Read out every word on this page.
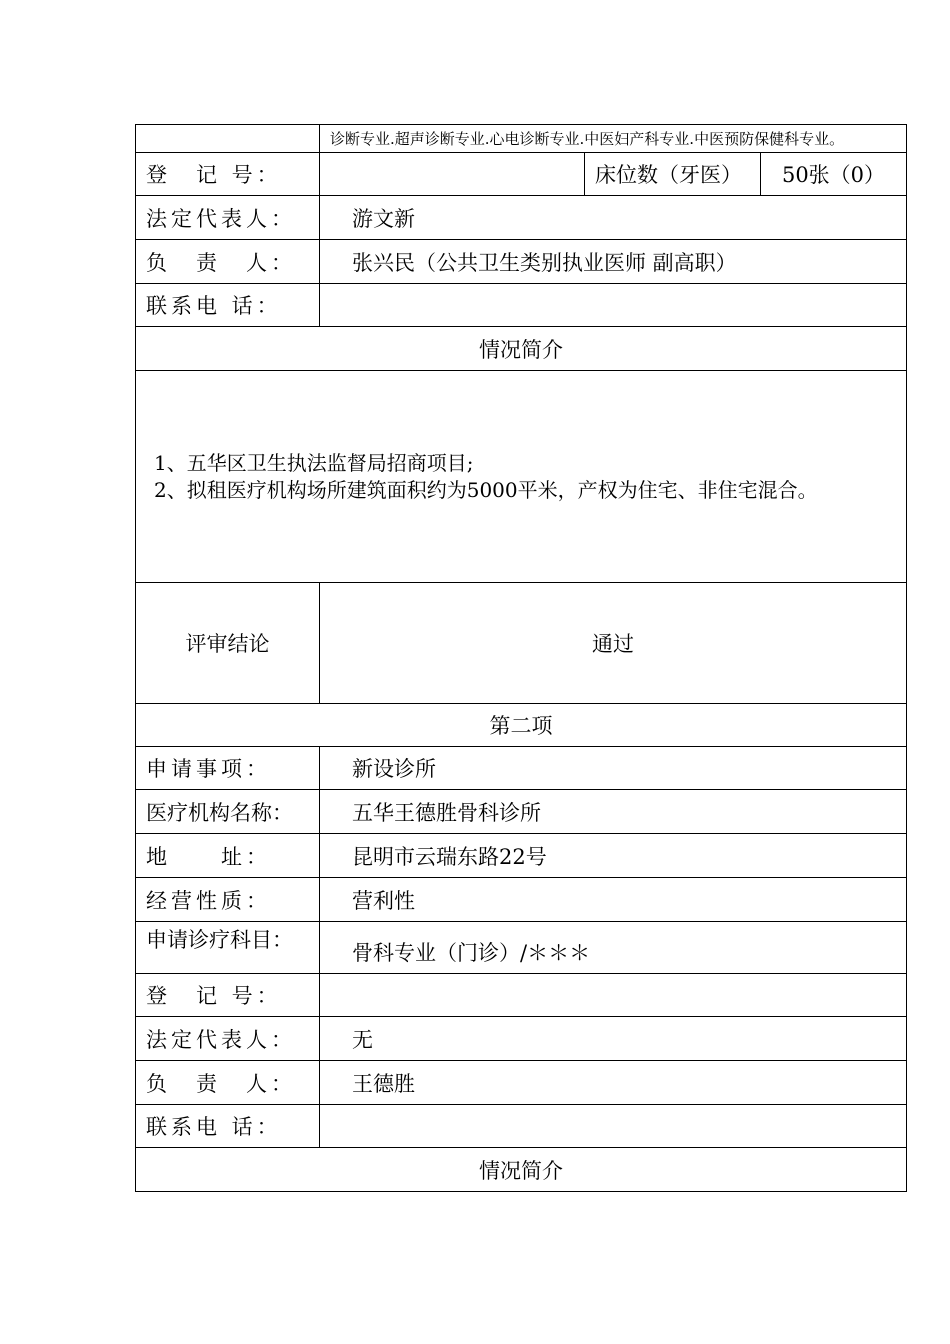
	诊断专业.超声诊断专业.心电诊断专业.中医妇产科专业.中医预防保健科专业。		
登　记 号：		床位数（牙医）	50张（0）
法定代表人：	游文新		
负　责　人：	张兴民（公共卫生类别执业医师 副高职）		
联系电 话：			
情况简介			

1、五华区卫生执法监督局招商项目;

2、拟租医疗机构场所建筑面积约为5000平米，产权为住宅、非住宅混合。			

评审结论	通过		
第二项			
申请事项：	新设诊所		
医疗机构名称：	五华王德胜骨科诊所		
地　　址：	昆明市云瑞东路22号		
经营性质：	营利性		
申请诊疗科目：	骨科专业（门诊）/＊＊＊		
登　记 号：			
法定代表人：	无		
负　责　人：	王德胜		
联系电 话：			
情况简介			
